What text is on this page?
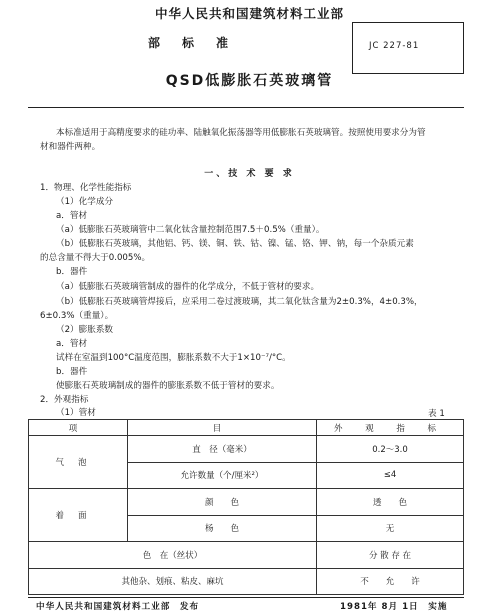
中华人民共和国建筑材料工业部
部标准	JC 227-81
QSD低膨胀石英玻璃管
本标准适用于高精度要求的硅功率、陆触氧化振荡器等用低膨胀石英玻璃管。按照使用要求分为管
材和器件两种。
一、技 术 要 求
1．物理、化学性能指标
（1）化学成分
a．管材
（a）低膨胀石英玻璃管中二氧化钛含量控制范围7.5＋0.5%（重量）。
（b）低膨胀石英玻璃，其他铝、钙、镁、铜、铁、钴、镍、锰、铬、钾、钠，每一个杂质元素
的总含量不得大于0.005%。
b．器件
（a）低膨胀石英玻璃管制成的器件的化学成分，不低于管材的要求。
（b）低膨胀石英玻璃管焊接后，应采用二卷过渡玻璃，其二氧化钛含量为2±0.3%，4±0.3%，
6±0.3%（重量）。
（2）膨胀系数
a．管材
试样在室温到100°C温度范围，膨胀系数不大于1×10⁻⁷/°C。
b．器件
使膨胀石英玻璃制成的器件的膨胀系数不低于管材的要求。
2．外观指标
（1）管材	表 1
项	目	外 观 指 标
气泡	直　径（毫米）	0.2～3.0
	允许数量（个/厘米²）	≤4
着面	颜　　色	透　　色
	杨　　色	无
色　在（丝状）		分 散 存 在
其他杂、划痕、粘皮、麻坑		不　　允　　许
中华人民共和国建筑材料工业部　发布	1981年 8月 1日　实施
